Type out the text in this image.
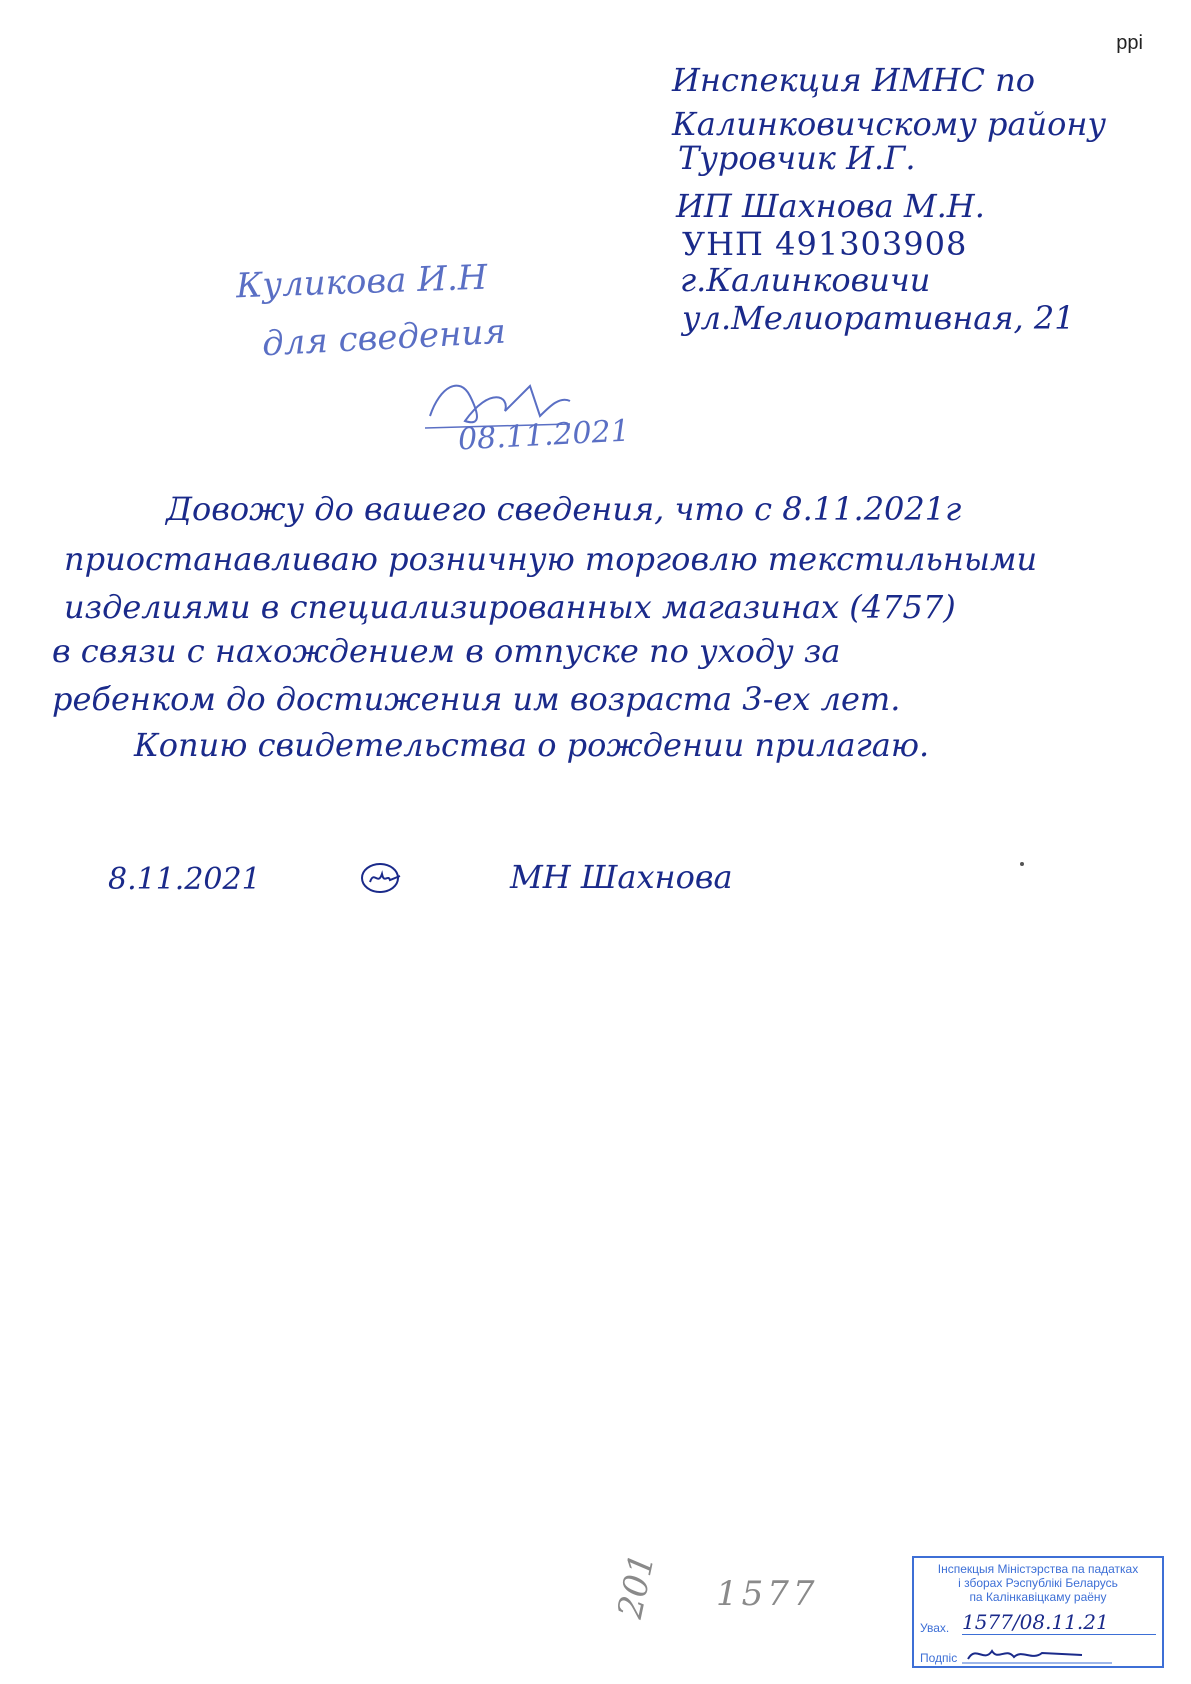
ррі
Инспекция ИМНС по
Калинковичскому району
Туровчик И.Г.
ИП Шахнова М.Н.
УНП 491303908
г.Калинковичи
ул.Мелиоративная, 21
Куликова И.Н
для сведения
08.11.2021
Довожу до вашего сведения, что с 8.11.2021г
приостанавливаю розничную торговлю текстильными
изделиями в специализированных магазинах (4757)
в связи с нахождением в отпуске по уходу за
ребенком до достижения им возраста 3-ех лет.
Копию свидетельства о рождении прилагаю.
8.11.2021	МН Шахнова
201 1577
Інспекцыя Міністэрства па падатках
і зборах Рэспублікі Беларусь
па Калінкавіцкаму раёну
Увах. 1577/08.11.21
Подпіс
